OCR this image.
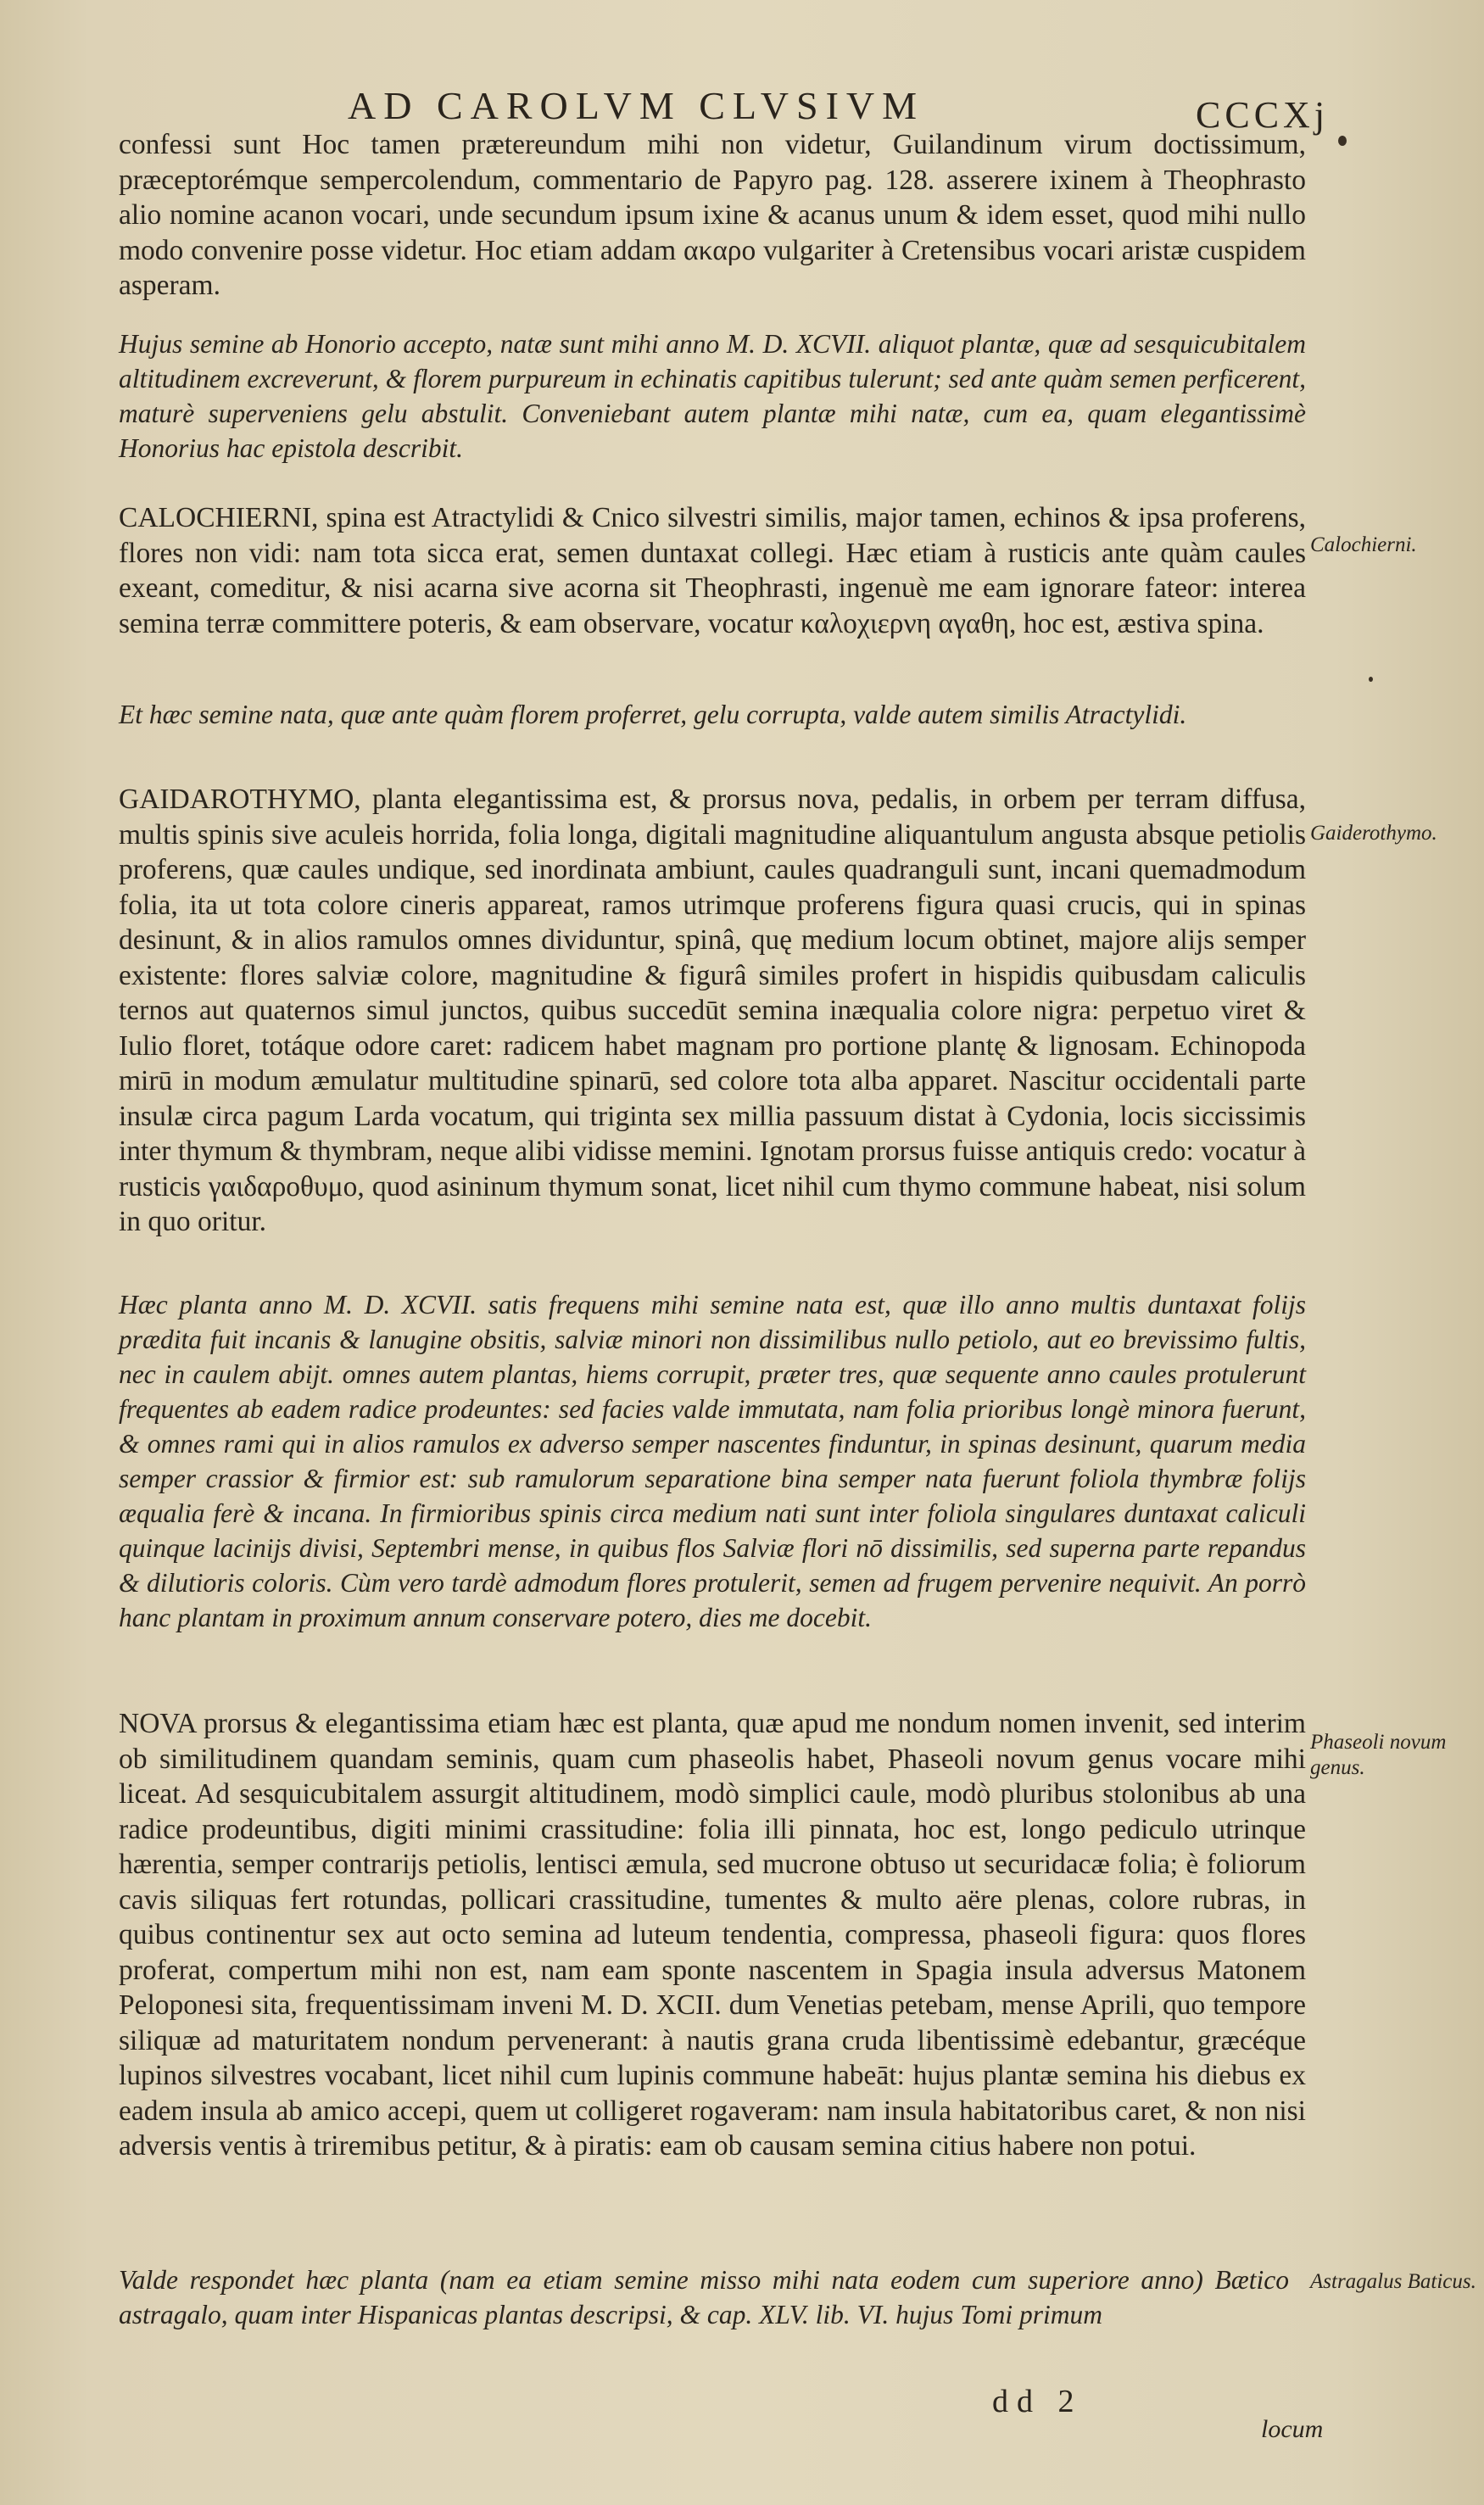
AD CAROLVM CLVSIVM	CCCXj

confessi sunt Hoc tamen prætereundum mihi non videtur, Guilandinum virum doctissimum, præceptorémque sempercolendum, commentario de Papyro pag. 128. asserere ixinem à Theophrasto alio nomine acanon vocari, unde secundum ipsum ixine & acanus unum & idem esset, quod mihi nullo modo convenire posse videtur. Hoc etiam addam ακαρο vulgariter à Cretensibus vocari aristæ cuspidem asperam.

Hujus semine ab Honorio accepto, natæ sunt mihi anno M. D. XCVII. aliquot plantæ, quæ ad sesquicubitalem altitudinem excreverunt, & florem purpureum in echinatis capitibus tulerunt; sed ante quàm semen perficerent, maturè superveniens gelu abstulit. Conveniebant autem plantæ mihi natæ, cum ea, quam elegantissimè Honorius hac epistola describit.

CALOCHIERNI, spina est Atractylidi & Cnico silvestri similis, major tamen, echinos & ipsa proferens, flores non vidi: nam tota sicca erat, semen duntaxat collegi. Hæc etiam à rusticis ante quàm caules exeant, comeditur, & nisi acarna sive acorna sit Theophrasti, ingenuè me eam ignorare fateor: interea semina terræ committere poteris, & eam observare, vocatur καλοχιερνη αγαθη, hoc est, æstiva spina.

Calochierni.

Et hæc semine nata, quæ ante quàm florem proferret, gelu corrupta, valde autem similis Atractylidi.

GAIDAROTHYMO, planta elegantissima est, & prorsus nova, pedalis, in orbem per terram diffusa, multis spinis sive aculeis horrida, folia longa, digitali magnitudine aliquantulum angusta absque petiolis proferens, quæ caules undique, sed inordinata ambiunt, caules quadranguli sunt, incani quemadmodum folia, ita ut tota colore cineris appareat, ramos utrimque proferens figura quasi crucis, qui in spinas desinunt, & in alios ramulos omnes dividuntur, spinâ, quę medium locum obtinet, majore alijs semper existente: flores salviæ colore, magnitudine & figurâ similes profert in hispidis quibusdam caliculis ternos aut quaternos simul junctos, quibus succedūt semina inæqualia colore nigra: perpetuo viret & Iulio floret, totáque odore caret: radicem habet magnam pro portione plantę & lignosam. Echinopoda mirū in modum æmulatur multitudine spinarū, sed colore tota alba apparet. Nascitur occidentali parte insulæ circa pagum Larda vocatum, qui triginta sex millia passuum distat à Cydonia, locis siccissimis inter thymum & thymbram, neque alibi vidisse memini. Ignotam prorsus fuisse antiquis credo: vocatur à rusticis γαιδαροθυμο, quod asininum thymum sonat, licet nihil cum thymo commune habeat, nisi solum in quo oritur.

Gaiderothymo.

Hæc planta anno M. D. XCVII. satis frequens mihi semine nata est, quæ illo anno multis duntaxat folijs prædita fuit incanis & lanugine obsitis, salviæ minori non dissimilibus nullo petiolo, aut eo brevissimo fultis, nec in caulem abijt. omnes autem plantas, hiems corrupit, præter tres, quæ sequente anno caules protulerunt frequentes ab eadem radice prodeuntes: sed facies valde immutata, nam folia prioribus longè minora fuerunt, & omnes rami qui in alios ramulos ex adverso semper nascentes finduntur, in spinas desinunt, quarum media semper crassior & firmior est: sub ramulorum separatione bina semper nata fuerunt foliola thymbræ folijs æqualia ferè & incana. In firmioribus spinis circa medium nati sunt inter foliola singulares duntaxat caliculi quinque lacinijs divisi, Septembri mense, in quibus flos Salviæ flori nō dissimilis, sed superna parte repandus & dilutioris coloris. Cùm vero tardè admodum flores protulerit, semen ad frugem pervenire nequivit. An porrò hanc plantam in proximum annum conservare potero, dies me docebit.

NOVA prorsus & elegantissima etiam hæc est planta, quæ apud me nondum nomen invenit, sed interim ob similitudinem quandam seminis, quam cum phaseolis habet, Phaseoli novum genus vocare mihi liceat. Ad sesquicubitalem assurgit altitudinem, modò simplici caule, modò pluribus stolonibus ab una radice prodeuntibus, digiti minimi crassitudine: folia illi pinnata, hoc est, longo pediculo utrinque hærentia, semper contrarijs petiolis, lentisci æmula, sed mucrone obtuso ut securidacæ folia; è foliorum cavis siliquas fert rotundas, pollicari crassitudine, tumentes & multo aëre plenas, colore rubras, in quibus continentur sex aut octo semina ad luteum tendentia, compressa, phaseoli figura: quos flores proferat, compertum mihi non est, nam eam sponte nascentem in Spagia insula adversus Matonem Peloponesi sita, frequentissimam inveni M. D. XCII. dum Venetias petebam, mense Aprili, quo tempore siliquæ ad maturitatem nondum pervenerant: à nautis grana cruda libentissimè edebantur, græcéque lupinos silvestres vocabant, licet nihil cum lupinis commune habeāt: hujus plantæ semina his diebus ex eadem insula ab amico accepi, quem ut colligeret rogaveram: nam insula habitatoribus caret, & non nisi adversis ventis à triremibus petitur, & à piratis: eam ob causam semina citius habere non potui.

Phaseoli novum genus.

Valde respondet hæc planta (nam ea etiam semine misso mihi nata eodem cum superiore anno) Bætico astragalo, quam inter Hispanicas plantas descripsi, & cap. XLV. lib. VI. hujus Tomi primum

Astragalus Baticus.
dd 2
locum
